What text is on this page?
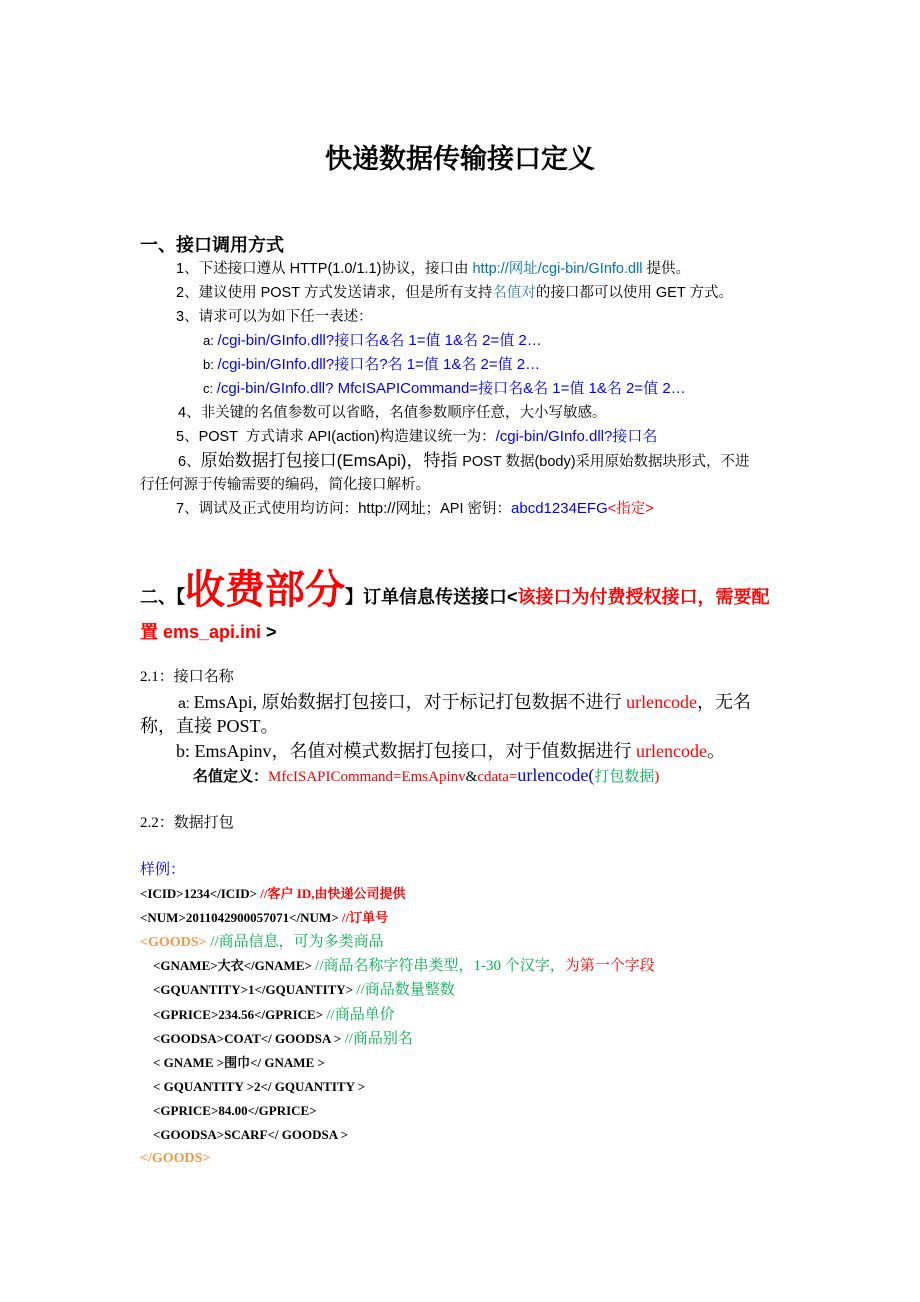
快递数据传输接口定义
一、接口调用方式
1、下述接口遵从 HTTP(1.0/1.1)协议，接口由 http://网址/cgi-bin/GInfo.dll 提供。
2、建议使用 POST 方式发送请求，但是所有支持名值对的接口都可以使用 GET 方式。
3、请求可以为如下任一表述：
a: /cgi-bin/GInfo.dll?接口名&名 1=值 1&名 2=值 2…
b: /cgi-bin/GInfo.dll?接口名?名 1=值 1&名 2=值 2…
c: /cgi-bin/GInfo.dll? MfcISAPICommand=接口名&名 1=值 1&名 2=值 2…
4、非关键的名值参数可以省略，名值参数顺序任意，大小写敏感。
5、POST  方式请求 API(action)构造建议统一为：/cgi-bin/GInfo.dll?接口名
6、原始数据打包接口(EmsApi)，特指 POST 数据(body)采用原始数据块形式，不进
行任何源于传输需要的编码，简化接口解析。
7、调试及正式使用均访问：http://网址；API 密钥：abcd1234EFG<指定>
二、【收费部分】订单信息传送接口<该接口为付费授权接口，需要配
置 ems_api.ini >
2.1：接口名称
a: EmsApi, 原始数据打包接口，对于标记打包数据不进行 urlencode，无名
称，直接 POST。
b: EmsApinv，名值对模式数据打包接口，对于值数据进行 urlencode。
名值定义：MfcISAPICommand=EmsApinv&cdata=urlencode(打包数据)
2.2：数据打包
样例：
<ICID>1234</ICID> //客户 ID,由快递公司提供
<NUM>2011042900057071</NUM> //订单号
<GOODS> //商品信息，可为多类商品
<GNAME>大衣</GNAME> //商品名称字符串类型，1-30 个汉字，为第一个字段
<GQUANTITY>1</GQUANTITY> //商品数量整数
<GPRICE>234.56</GPRICE> //商品单价
<GOODSA>COAT</ GOODSA > //商品别名
< GNAME >围巾</ GNAME >
< GQUANTITY >2</ GQUANTITY >
<GPRICE>84.00</GPRICE>
<GOODSA>SCARF</ GOODSA >
</GOODS>
